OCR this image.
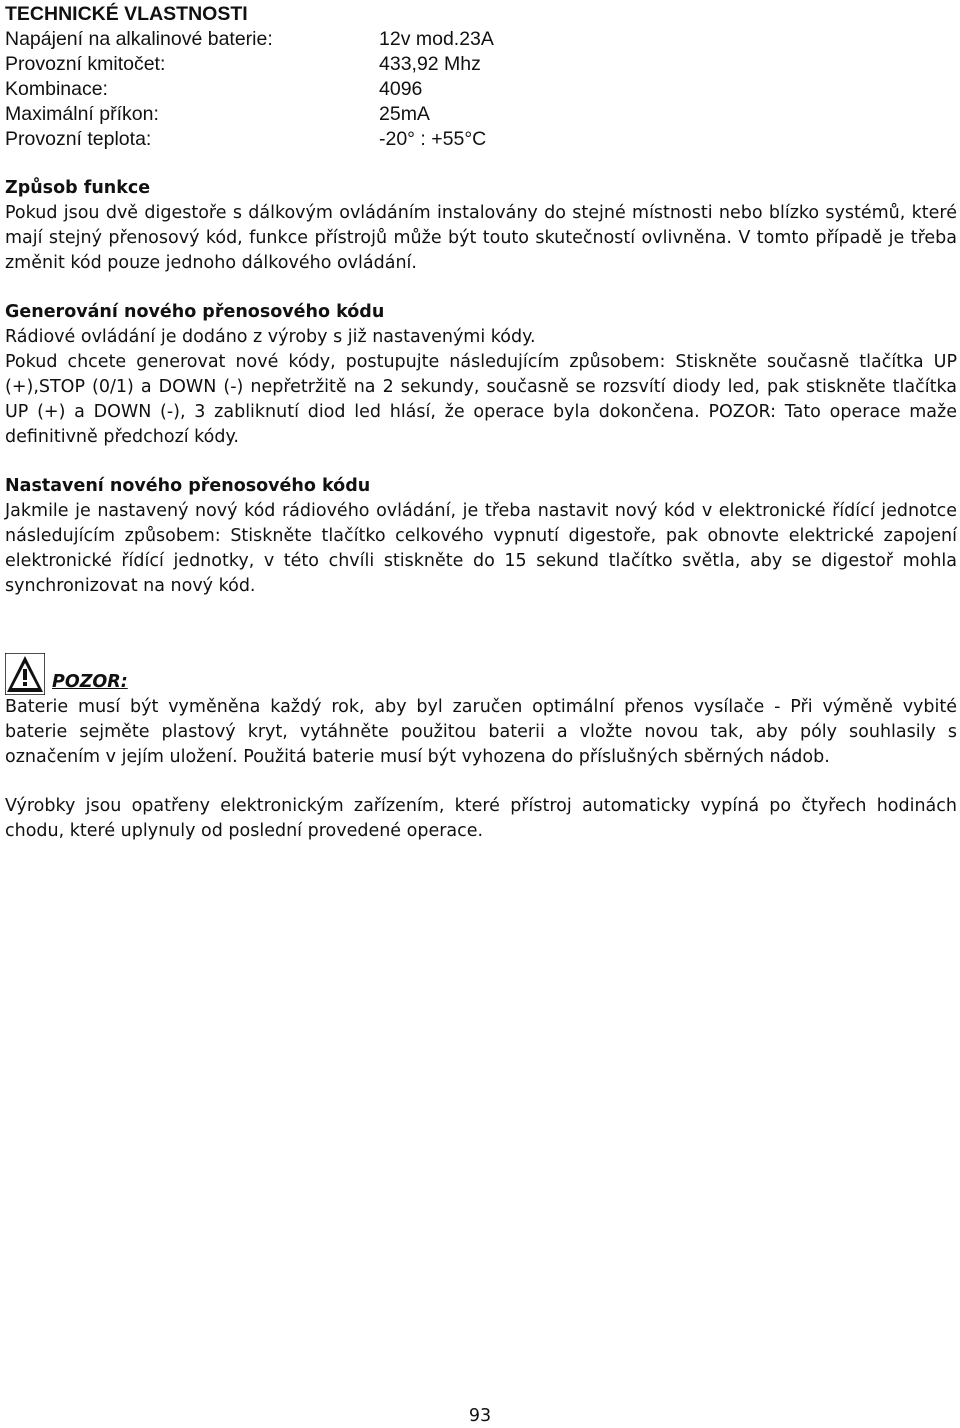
TECHNICKÉ VLASTNOSTI
Napájení na alkalinové baterie:	12v mod.23A
Provozní kmitočet:	433,92 Mhz
Kombinace:	4096
Maximální příkon:	25mA
Provozní teplota:	-20° : +55°C
Způsob funkce

Pokud jsou dvě digestoře s dálkovým ovládáním instalovány do stejné místnosti nebo blízko systémů, které mají stejný přenosový kód, funkce přístrojů může být touto skutečností ovlivněna. V tomto případě je třeba změnit kód pouze jednoho dálkového ovládání.

Generování nového přenosového kódu

Rádiové ovládání je dodáno z výroby s již nastavenými kódy.

Pokud chcete generovat nové kódy, postupujte následujícím způsobem: Stiskněte současně tlačítka UP (+),STOP (0/1) a DOWN (-) nepřetržitě na 2 sekundy, současně se rozsvítí diody led, pak stiskněte tlačítka UP (+) a DOWN (-), 3 zabliknutí diod led hlásí, že operace byla dokončena. POZOR: Tato operace maže definitivně předchozí kódy.

Nastavení nového přenosového kódu

Jakmile je nastavený nový kód rádiového ovládání, je třeba nastavit nový kód v elektronické řídící jednotce následujícím způsobem: Stiskněte tlačítko celkového vypnutí digestoře, pak obnovte elektrické zapojení elektronické řídící jednotky, v této chvíli stiskněte do 15 sekund tlačítko světla, aby se digestoř mohla synchronizovat na nový kód.

POZOR:

Baterie musí být vyměněna každý rok, aby byl zaručen optimální přenos vysílače - Při výměně vybité baterie sejměte plastový kryt, vytáhněte použitou baterii a vložte novou tak, aby póly souhlasily s označením v jejím uložení. Použitá baterie musí být vyhozena do příslušných sběrných nádob.

Výrobky jsou opatřeny elektronickým zařízením, které přístroj automaticky vypíná po čtyřech hodinách chodu, které uplynuly od poslední provedené operace.

93
